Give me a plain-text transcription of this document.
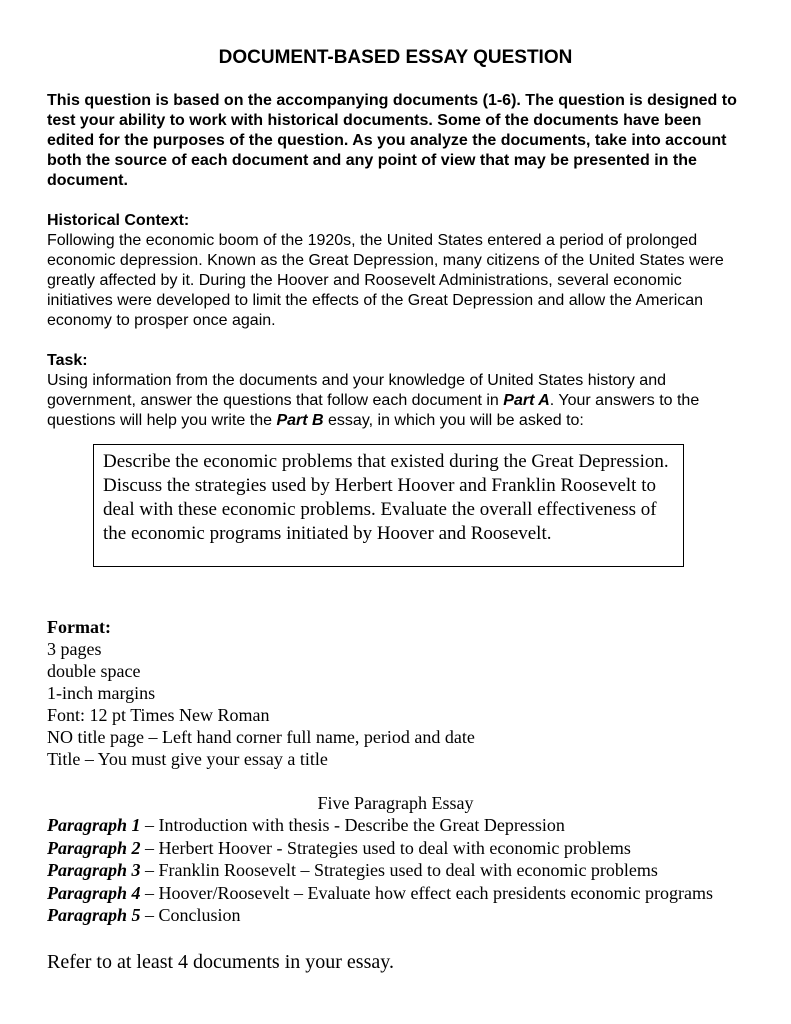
DOCUMENT-BASED ESSAY QUESTION
This question is based on the accompanying documents (1-6). The question is designed to test your ability to work with historical documents. Some of the documents have been edited for the purposes of the question. As you analyze the documents, take into account both the source of each document and any point of view that may be presented in the document.
Historical Context:
Following the economic boom of the 1920s, the United States entered a period of prolonged economic depression. Known as the Great Depression, many citizens of the United States were greatly affected by it. During the Hoover and Roosevelt Administrations, several economic initiatives were developed to limit the effects of the Great Depression and allow the American economy to prosper once again.
Task:
Using information from the documents and your knowledge of United States history and government, answer the questions that follow each document in Part A. Your answers to the questions will help you write the Part B essay, in which you will be asked to:
Describe the economic problems that existed during the Great Depression. Discuss the strategies used by Herbert Hoover and Franklin Roosevelt to deal with these economic problems. Evaluate the overall effectiveness of the economic programs initiated by Hoover and Roosevelt.
Format:
3 pages
double space
1-inch margins
Font: 12 pt Times New Roman
NO title page – Left hand corner full name, period and date
Title – You must give your essay a title
Five Paragraph Essay
Paragraph 1 – Introduction with thesis - Describe the Great Depression
Paragraph 2 – Herbert Hoover - Strategies used to deal with economic problems
Paragraph 3 – Franklin Roosevelt – Strategies used to deal with economic problems
Paragraph 4 – Hoover/Roosevelt – Evaluate how effect each presidents economic programs
Paragraph 5 – Conclusion
Refer to at least 4 documents in your essay.
